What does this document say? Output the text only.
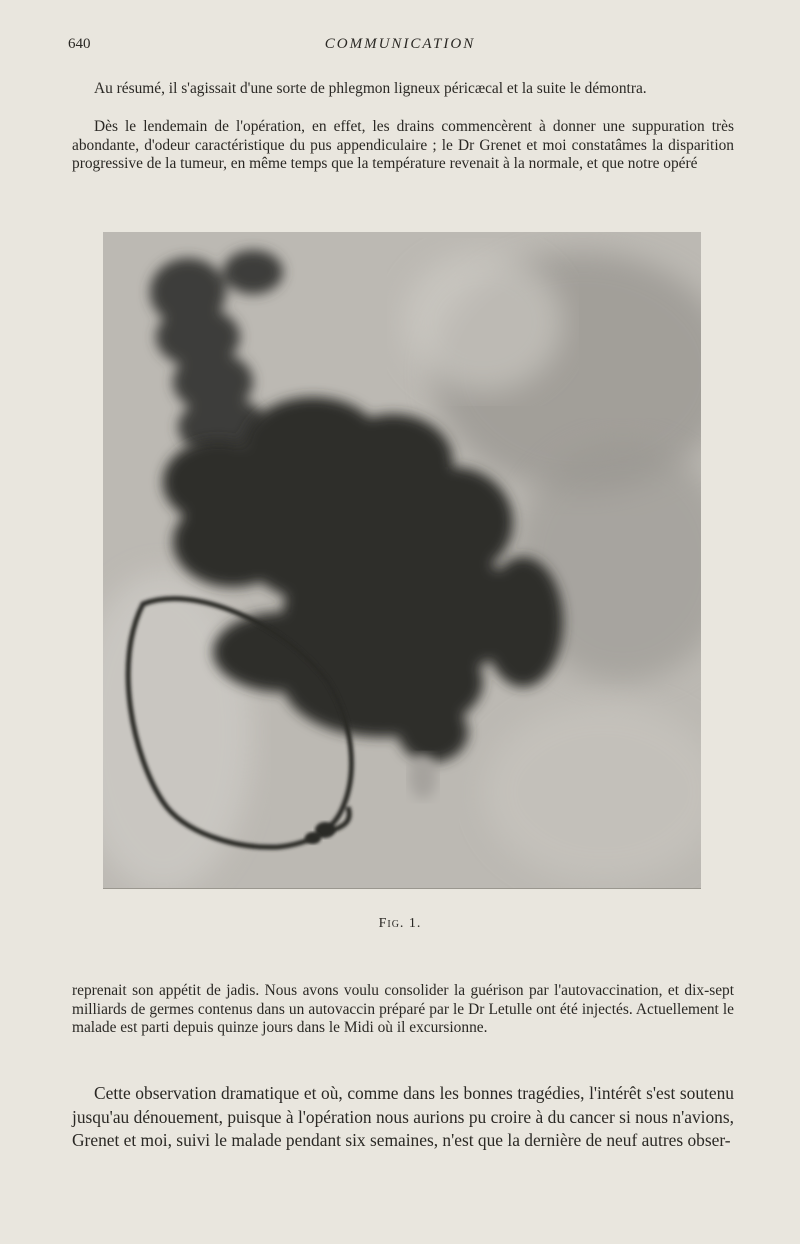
640	COMMUNICATION

Au résumé, il s'agissait d'une sorte de phlegmon ligneux péricæcal et la suite le démontra.

Dès le lendemain de l'opération, en effet, les drains commencèrent à donner une suppuration très abondante, d'odeur caractéristique du pus appendiculaire ; le Dr Grenet et moi constatâmes la disparition progressive de la tumeur, en même temps que la température revenait à la normale, et que notre opéré

Fig. 1.

reprenait son appétit de jadis. Nous avons voulu consolider la guérison par l'autovaccination, et dix-sept milliards de germes contenus dans un autovaccin préparé par le Dr Letulle ont été injectés. Actuellement le malade est parti depuis quinze jours dans le Midi où il excursionne.

Cette observation dramatique et où, comme dans les bonnes tragédies, l'intérêt s'est soutenu jusqu'au dénouement, puisque à l'opération nous aurions pu croire à du cancer si nous n'avions, Grenet et moi, suivi le malade pendant six semaines, n'est que la dernière de neuf autres obser-
